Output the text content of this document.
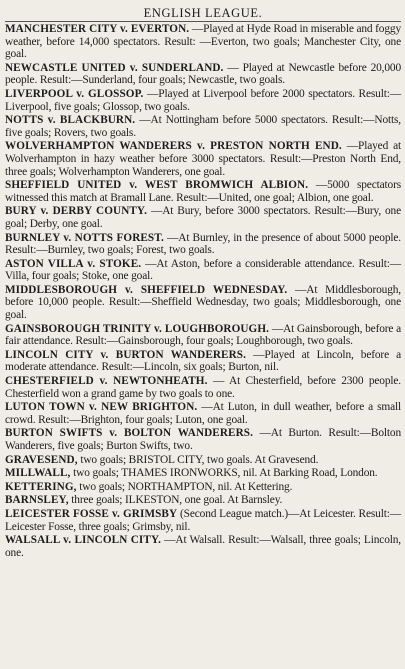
ENGLISH LEAGUE.

MANCHESTER CITY v. EVERTON. —Played at Hyde Road in miserable and foggy weather, before 14,000 spectators. Result: —Everton, two goals; Manchester City, one goal.

NEWCASTLE UNITED v. SUNDERLAND. — Played at Newcastle before 20,000 people. Result:—Sunderland, four goals; Newcastle, two goals.

LIVERPOOL v. GLOSSOP. —Played at Liverpool before 2000 spectators. Result:—Liverpool, five goals; Glossop, two goals.

NOTTS v. BLACKBURN. —At Nottingham before 5000 spectators. Result:—Notts, five goals; Rovers, two goals.

WOLVERHAMPTON WANDERERS v. PRESTON NORTH END. —Played at Wolverhampton in hazy weather before 3000 spectators. Result:—Preston North End, three goals; Wolverhampton Wanderers, one goal.

SHEFFIELD UNITED v. WEST BROMWICH ALBION. —5000 spectators witnessed this match at Bramall Lane. Result:—United, one goal; Albion, one goal.

BURY v. DERBY COUNTY. —At Bury, before 3000 spectators. Result:—Bury, one goal; Derby, one goal.

BURNLEY v. NOTTS FOREST. —At Burnley, in the presence of about 5000 people. Result:—Burnley, two goals; Forest, two goals.

ASTON VILLA v. STOKE. —At Aston, before a considerable attendance. Result:—Villa, four goals; Stoke, one goal.

MIDDLESBOROUGH v. SHEFFIELD WEDNESDAY. —At Middlesborough, before 10,000 people. Result:—Sheffield Wednesday, two goals; Middlesborough, one goal.

GAINSBOROUGH TRINITY v. LOUGHBOROUGH. —At Gainsborough, before a fair attendance. Result:—Gainsborough, four goals; Loughborough, two goals.

LINCOLN CITY v. BURTON WANDERERS. —Played at Lincoln, before a moderate attendance. Result:—Lincoln, six goals; Burton, nil.

CHESTERFIELD v. NEWTONHEATH. — At Chesterfield, before 2300 people. Chesterfield won a grand game by two goals to one.

LUTON TOWN v. NEW BRIGHTON. —At Luton, in dull weather, before a small crowd. Result:—Brighton, four goals; Luton, one goal.

BURTON SWIFTS v. BOLTON WANDERERS. —At Burton. Result:—Bolton Wanderers, five goals; Burton Swifts, two.

GRAVESEND, two goals; BRISTOL CITY, two goals. At Gravesend.

MILLWALL, two goals; THAMES IRONWORKS, nil. At Barking Road, London.

KETTERING, two goals; NORTHAMPTON, nil. At Kettering.

BARNSLEY, three goals; ILKESTON, one goal. At Barnsley.

LEICESTER FOSSE v. GRIMSBY (Second League match.)—At Leicester. Result:—Leicester Fosse, three goals; Grimsby, nil.

WALSALL v. LINCOLN CITY. —At Walsall. Result:—Walsall, three goals; Lincoln, one.
